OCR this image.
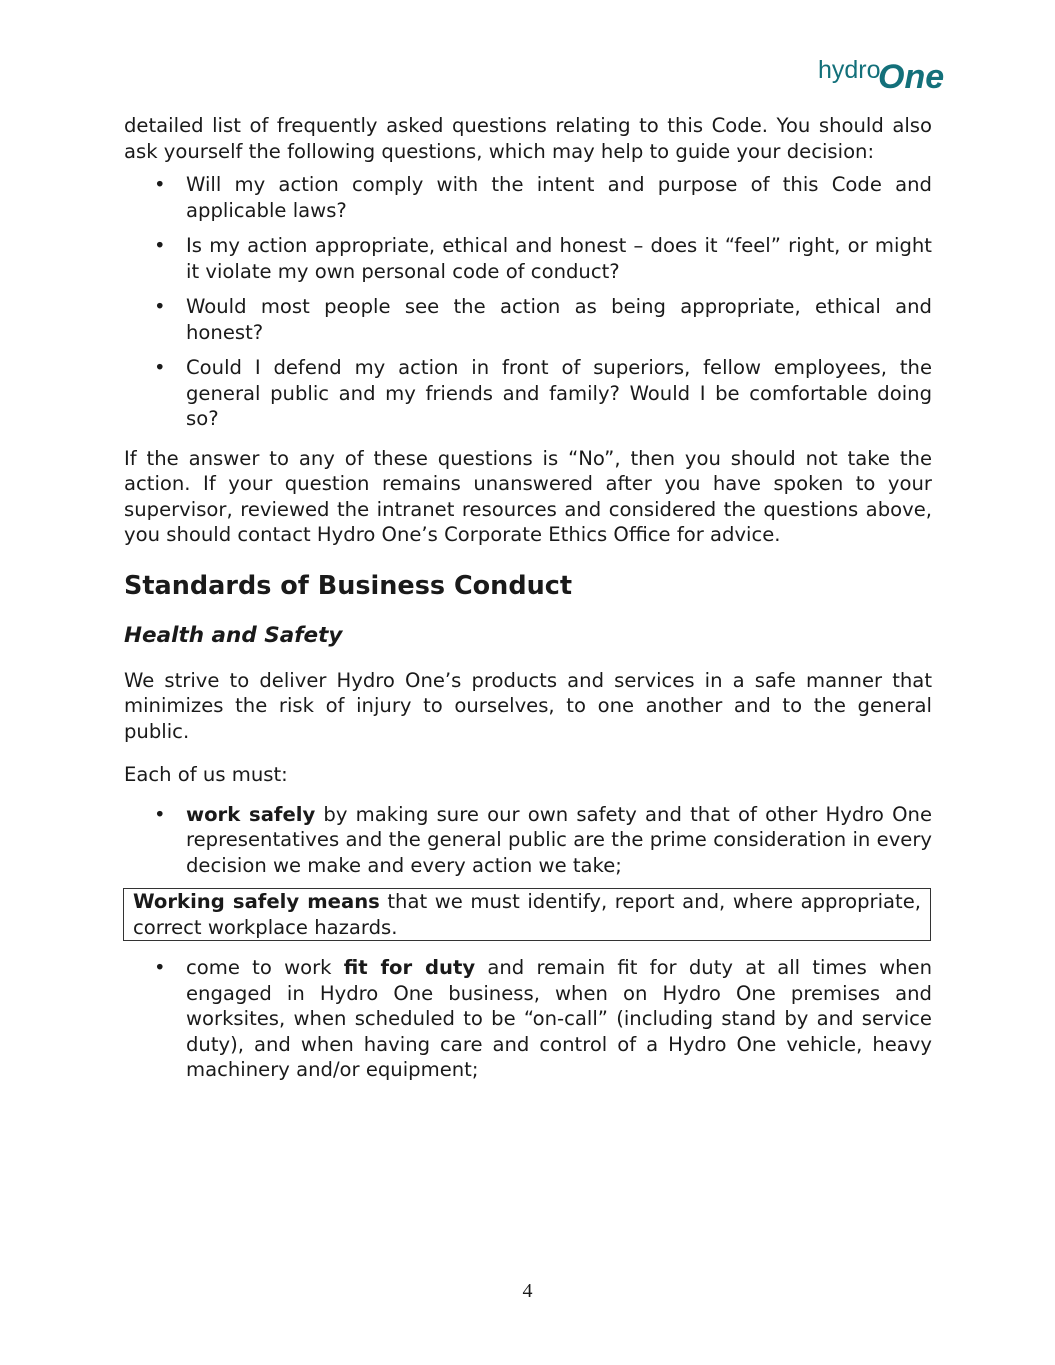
hydro
One

detailed list of frequently asked questions relating to this Code. You should also ask yourself the following questions, which may help to guide your decision:

• Will my action comply with the intent and purpose of this Code and applicable laws?
• Is my action appropriate, ethical and honest – does it “feel” right, or might it violate my own personal code of conduct?
• Would most people see the action as being appropriate, ethical and honest?
• Could I defend my action in front of superiors, fellow employees, the general public and my friends and family? Would I be comfortable doing so?

If the answer to any of these questions is “No”, then you should not take the action. If your question remains unanswered after you have spoken to your supervisor, reviewed the intranet resources and considered the questions above, you should contact Hydro One’s Corporate Ethics Office for advice.

Standards of Business Conduct
Health and Safety

We strive to deliver Hydro One’s products and services in a safe manner that minimizes the risk of injury to ourselves, to one another and to the general public.

Each of us must:

• work safely by making sure our own safety and that of other Hydro One representatives and the general public are the prime consideration in every decision we make and every action we take;
Working safely means that we must identify, report and, where appropriate, correct workplace hazards.
• come to work fit for duty and remain fit for duty at all times when engaged in Hydro One business, when on Hydro One premises and worksites, when scheduled to be “on-call” (including stand by and service duty), and when having care and control of a Hydro One vehicle, heavy machinery and/or equipment;
4
